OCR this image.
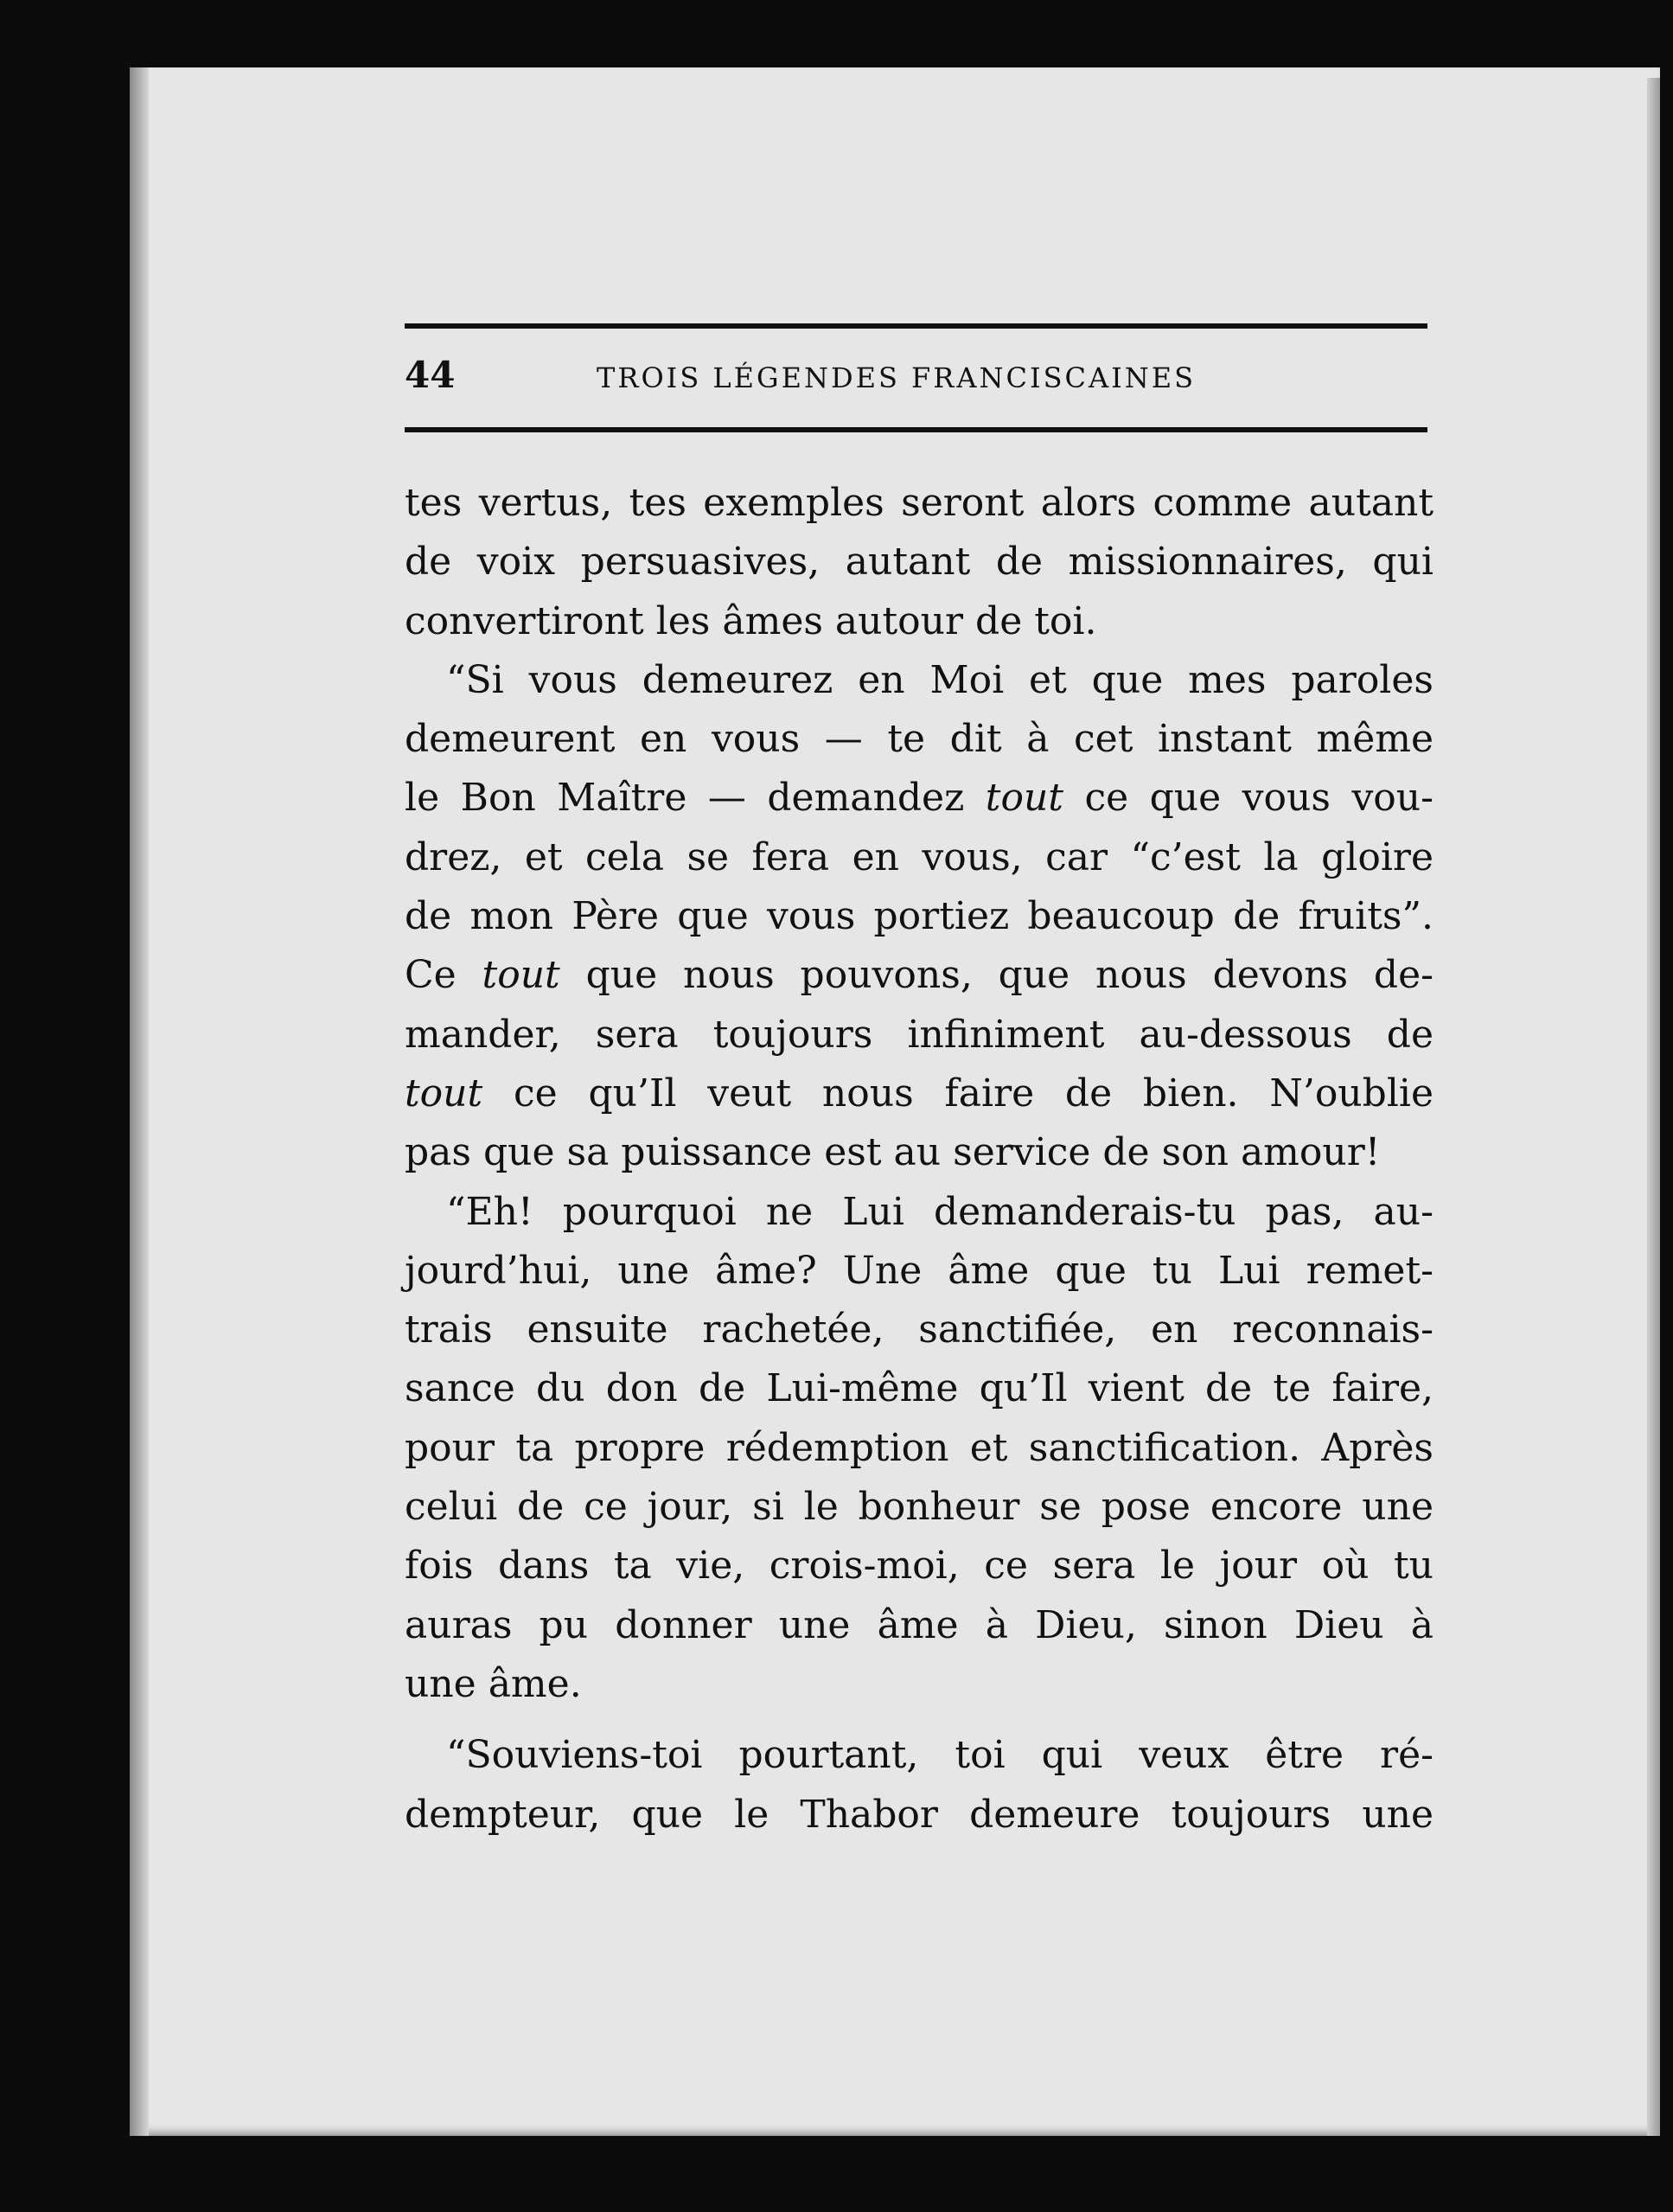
44	TROIS LÉGENDES FRANCISCAINES
tes vertus, tes exemples seront alors comme autant
de voix persuasives, autant de missionnaires, qui
convertiront les âmes autour de toi.
“Si vous demeurez en Moi et que mes paroles
demeurent en vous — te dit à cet instant même
le Bon Maître — demandez tout ce que vous vou-
drez, et cela se fera en vous, car “c’est la gloire
de mon Père que vous portiez beaucoup de fruits”.
Ce tout que nous pouvons, que nous devons de-
mander, sera toujours infiniment au-dessous de
tout ce qu’Il veut nous faire de bien. N’oublie
pas que sa puissance est au service de son amour!
“Eh! pourquoi ne Lui demanderais-tu pas, au-
jourd’hui, une âme? Une âme que tu Lui remet-
trais ensuite rachetée, sanctifiée, en reconnais-
sance du don de Lui-même qu’Il vient de te faire,
pour ta propre rédemption et sanctification. Après
celui de ce jour, si le bonheur se pose encore une
fois dans ta vie, crois-moi, ce sera le jour où tu
auras pu donner une âme à Dieu, sinon Dieu à
une âme.
“Souviens-toi pourtant, toi qui veux être ré-
dempteur, que le Thabor demeure toujours une
